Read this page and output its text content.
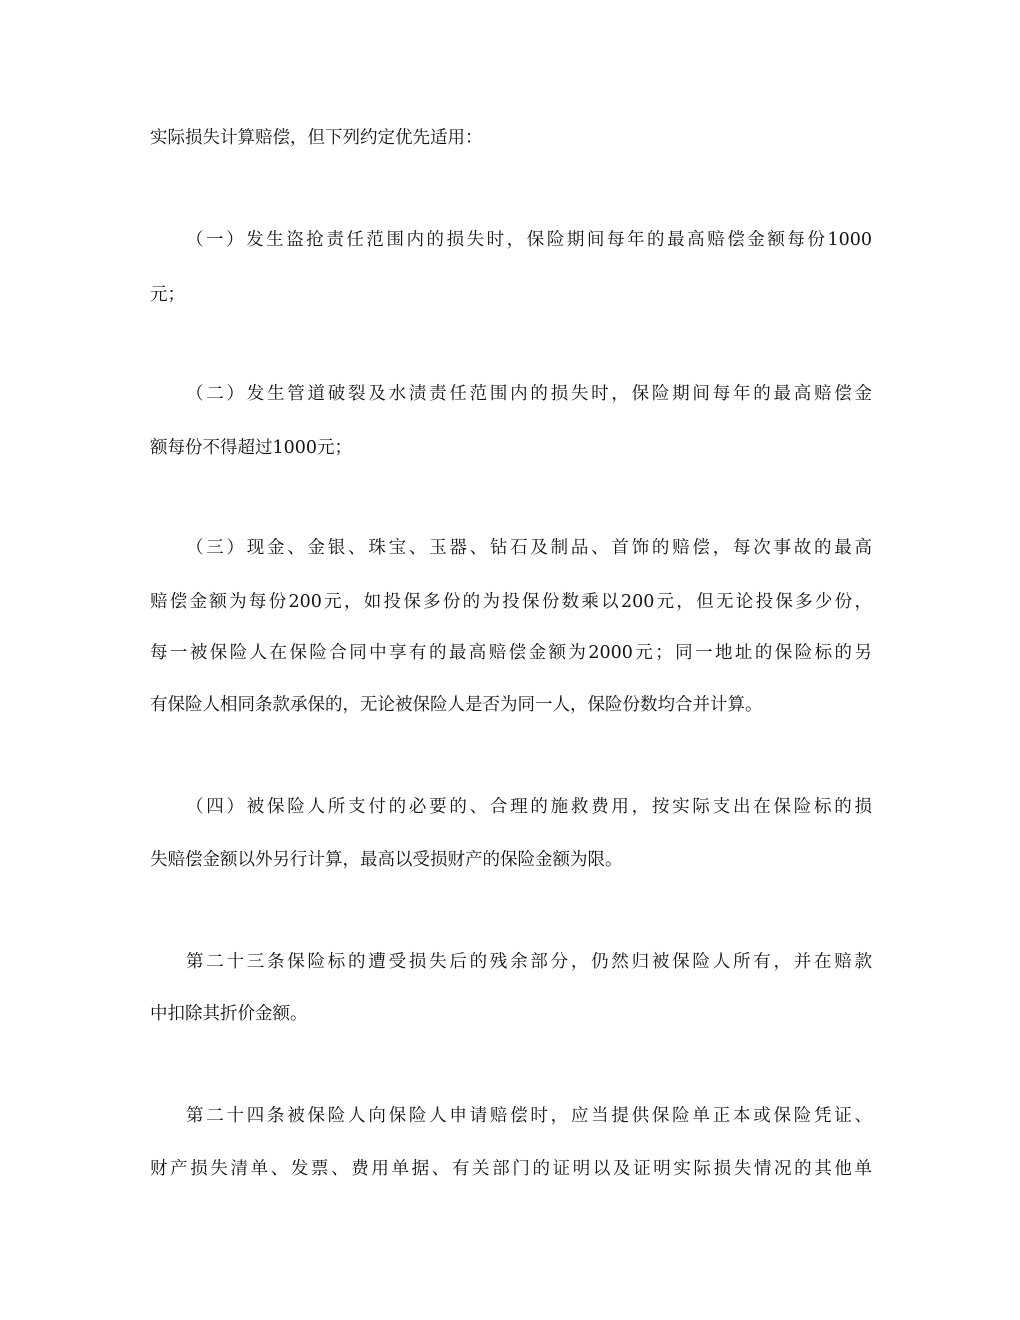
实际损失计算赔偿，但下列约定优先适用：

（一）发生盗抢责任范围内的损失时，保险期间每年的最高赔偿金额每份1000

元；

（二）发生管道破裂及水渍责任范围内的损失时，保险期间每年的最高赔偿金

额每份不得超过1000元；

（三）现金、金银、珠宝、玉器、钻石及制品、首饰的赔偿，每次事故的最高

赔偿金额为每份200元，如投保多份的为投保份数乘以200元，但无论投保多少份，

每一被保险人在保险合同中享有的最高赔偿金额为2000元；同一地址的保险标的另

有保险人相同条款承保的，无论被保险人是否为同一人，保险份数均合并计算。

（四）被保险人所支付的必要的、合理的施救费用，按实际支出在保险标的损

失赔偿金额以外另行计算，最高以受损财产的保险金额为限。

第二十三条保险标的遭受损失后的残余部分，仍然归被保险人所有，并在赔款

中扣除其折价金额。

第二十四条被保险人向保险人申请赔偿时，应当提供保险单正本或保险凭证、

财产损失清单、发票、费用单据、有关部门的证明以及证明实际损失情况的其他单
